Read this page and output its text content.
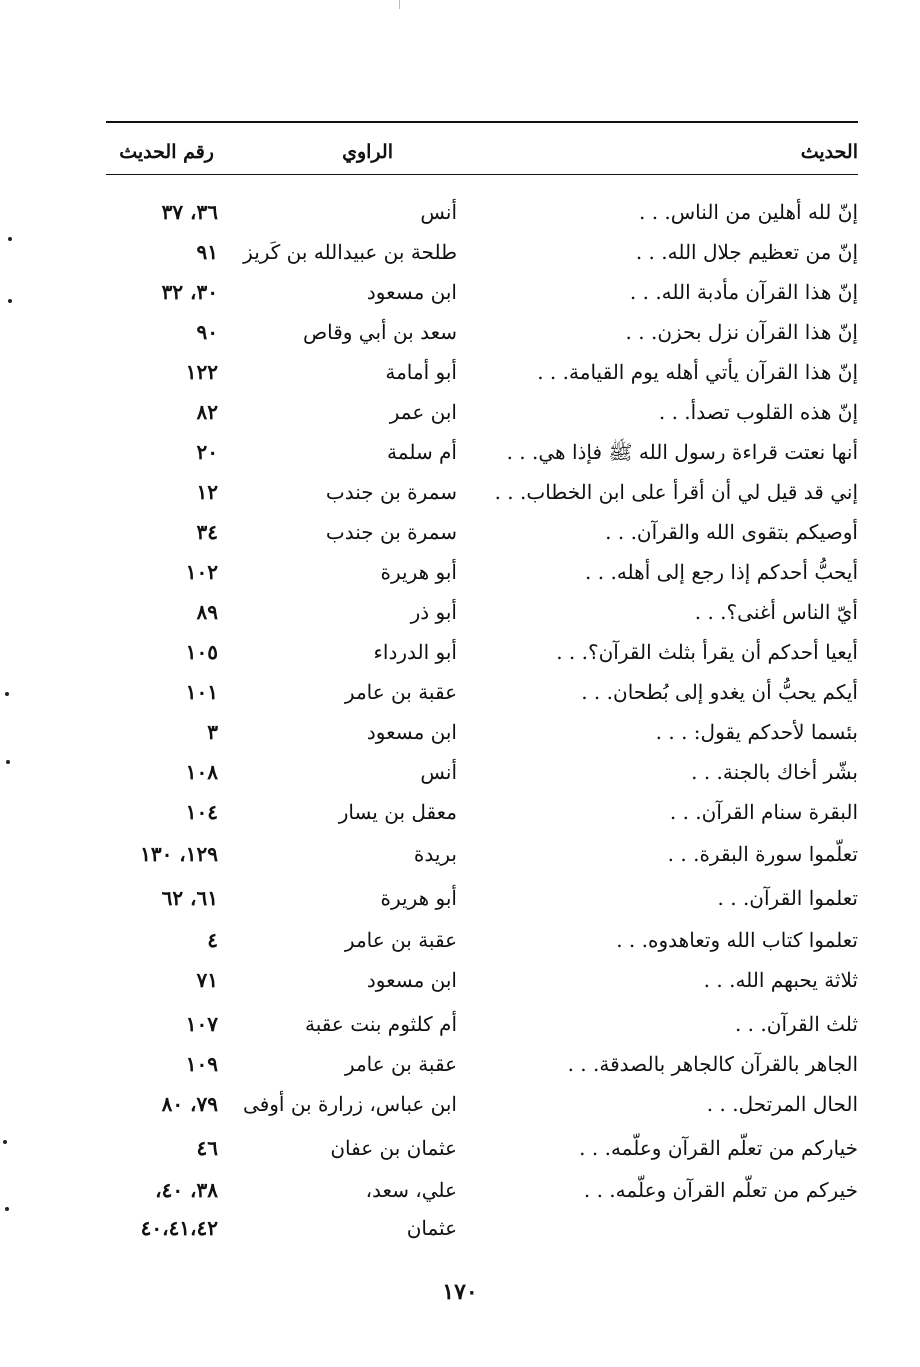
الحديث
الراوي
رقم الحديث
إنّ لله أهلين من الناس. . .
أنس
٣٦، ٣٧
إنّ من تعظيم جلال الله. . .
طلحة بن عبيدالله بن كَريز
٩١
إنّ هذا القرآن مأدبة الله. . .
ابن مسعود
٣٠، ٣٢
إنّ هذا القرآن نزل بحزن. . .
سعد بن أبي وقاص
٩٠
إنّ هذا القرآن يأتي أهله يوم القيامة. . .
أبو أمامة
١٢٢
إنّ هذه القلوب تصدأ. . .
ابن عمر
٨٢
أنها نعتت قراءة رسول الله ﷺ فإذا هي. . .
أم سلمة
٢٠
إني قد قيل لي أن أقرأ على ابن الخطاب. . .
سمرة بن جندب
١٢
أوصيكم بتقوى الله والقرآن. . .
سمرة بن جندب
٣٤
أيحبُّ أحدكم إذا رجع إلى أهله. . .
أبو هريرة
١٠٢
أيّ الناس أغنى؟. . .
أبو ذر
٨٩
أيعيا أحدكم أن يقرأ بثلث القرآن؟. . .
أبو الدرداء
١٠٥
أيكم يحبُّ أن يغدو إلى بُطحان. . .
عقبة بن عامر
١٠١
بئسما لأحدكم يقول: . . .
ابن مسعود
٣
بشّر أخاك بالجنة. . .
أنس
١٠٨
البقرة سنام القرآن. . .
معقل بن يسار
١٠٤
تعلّموا سورة البقرة. . .
بريدة
١٢٩، ١٣٠
تعلموا القرآن. . .
أبو هريرة
٦١، ٦٢
تعلموا كتاب الله وتعاهدوه. . .
عقبة بن عامر
٤
ثلاثة يحبهم الله. . .
ابن مسعود
٧١
ثلث القرآن. . .
أم كلثوم بنت عقبة
١٠٧
الجاهر بالقرآن كالجاهر بالصدقة. . .
عقبة بن عامر
١٠٩
الحال المرتحل. . .
ابن عباس، زرارة بن أوفى
٧٩، ٨٠
خياركم من تعلّم القرآن وعلّمه. . .
عثمان بن عفان
٤٦
خيركم من تعلّم القرآن وعلّمه. . .
علي، سعد،
٣٨، ٤٠،
عثمان
٤٠،٤١،٤٢
١٧٠
